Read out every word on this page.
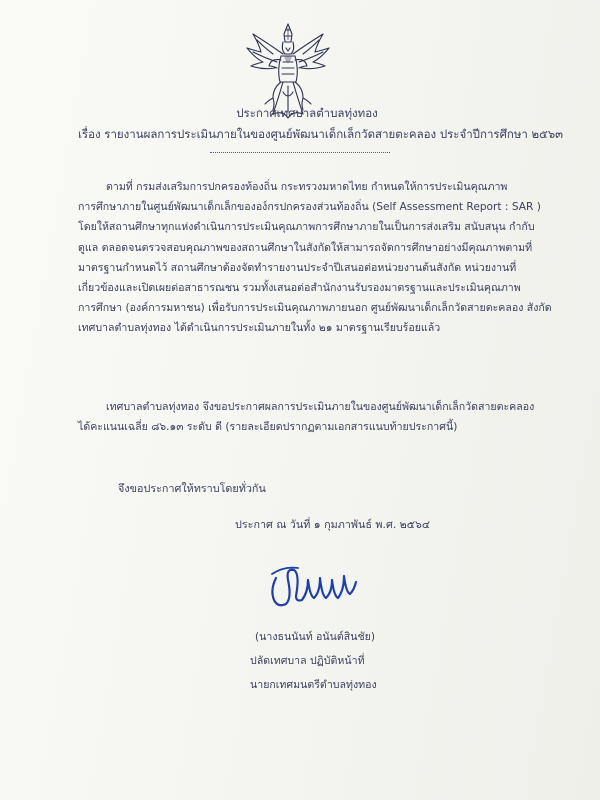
ประกาศเทศบาลตำบลทุ่งทอง
เรื่อง รายงานผลการประเมินภายในของศูนย์พัฒนาเด็กเล็กวัดสายตะคลอง ประจำปีการศึกษา ๒๕๖๓
ตามที่ กรมส่งเสริมการปกครองท้องถิ่น กระทรวงมหาดไทย กำหนดให้การประเมินคุณภาพ
การศึกษาภายในศูนย์พัฒนาเด็กเล็กขององ์กรปกครองส่วนท้องถิ่น (Self Assessment Report : SAR )
โดยให้สถานศึกษาทุกแห่งดำเนินการประเมินคุณภาพการศึกษาภายในเป็นการส่งเสริม สนับสนุน กำกับ
ดูแล ตลอดจนตรวจสอบคุณภาพของสถานศึกษาในสังกัดให้สามารถจัดการศึกษาอย่างมีคุณภาพตามที่
มาตรฐานกำหนดไว้ สถานศึกษาต้องจัดทำรายงานประจำปีเสนอต่อหน่วยงานต้นสังกัด หน่วยงานที่
เกี่ยวข้องและเปิดเผยต่อสาธารณชน รวมทั้งเสนอต่อสำนักงานรับรองมาตรฐานและประเมินคุณภาพ
การศึกษา (องค์การมหาชน) เพื่อรับการประเมินคุณภาพภายนอก ศูนย์พัฒนาเด็กเล็กวัดสายตะคลอง สังกัด
เทศบาลตำบลทุ่งทอง ได้ดำเนินการประเมินภายในทั้ง ๒๑ มาตรฐานเรียบร้อยแล้ว
เทศบาลตำบลทุ่งทอง จึงขอประกาศผลการประเมินภายในของศูนย์พัฒนาเด็กเล็กวัดสายตะคลอง
ได้คะแนนเฉลี่ย ๘๖.๑๓ ระดับ ดี (รายละเอียดปรากฏตามเอกสารแนบท้ายประกาศนี้)
จึงขอประกาศให้ทราบโดยทั่วกัน
ประกาศ ณ วันที่ ๑ กุมภาพันธ์ พ.ศ. ๒๕๖๔
(นางธนนันท์ อนันต์สินชัย)
ปลัดเทศบาล ปฏิบัติหน้าที่
นายกเทศมนตรีตำบลทุ่งทอง
